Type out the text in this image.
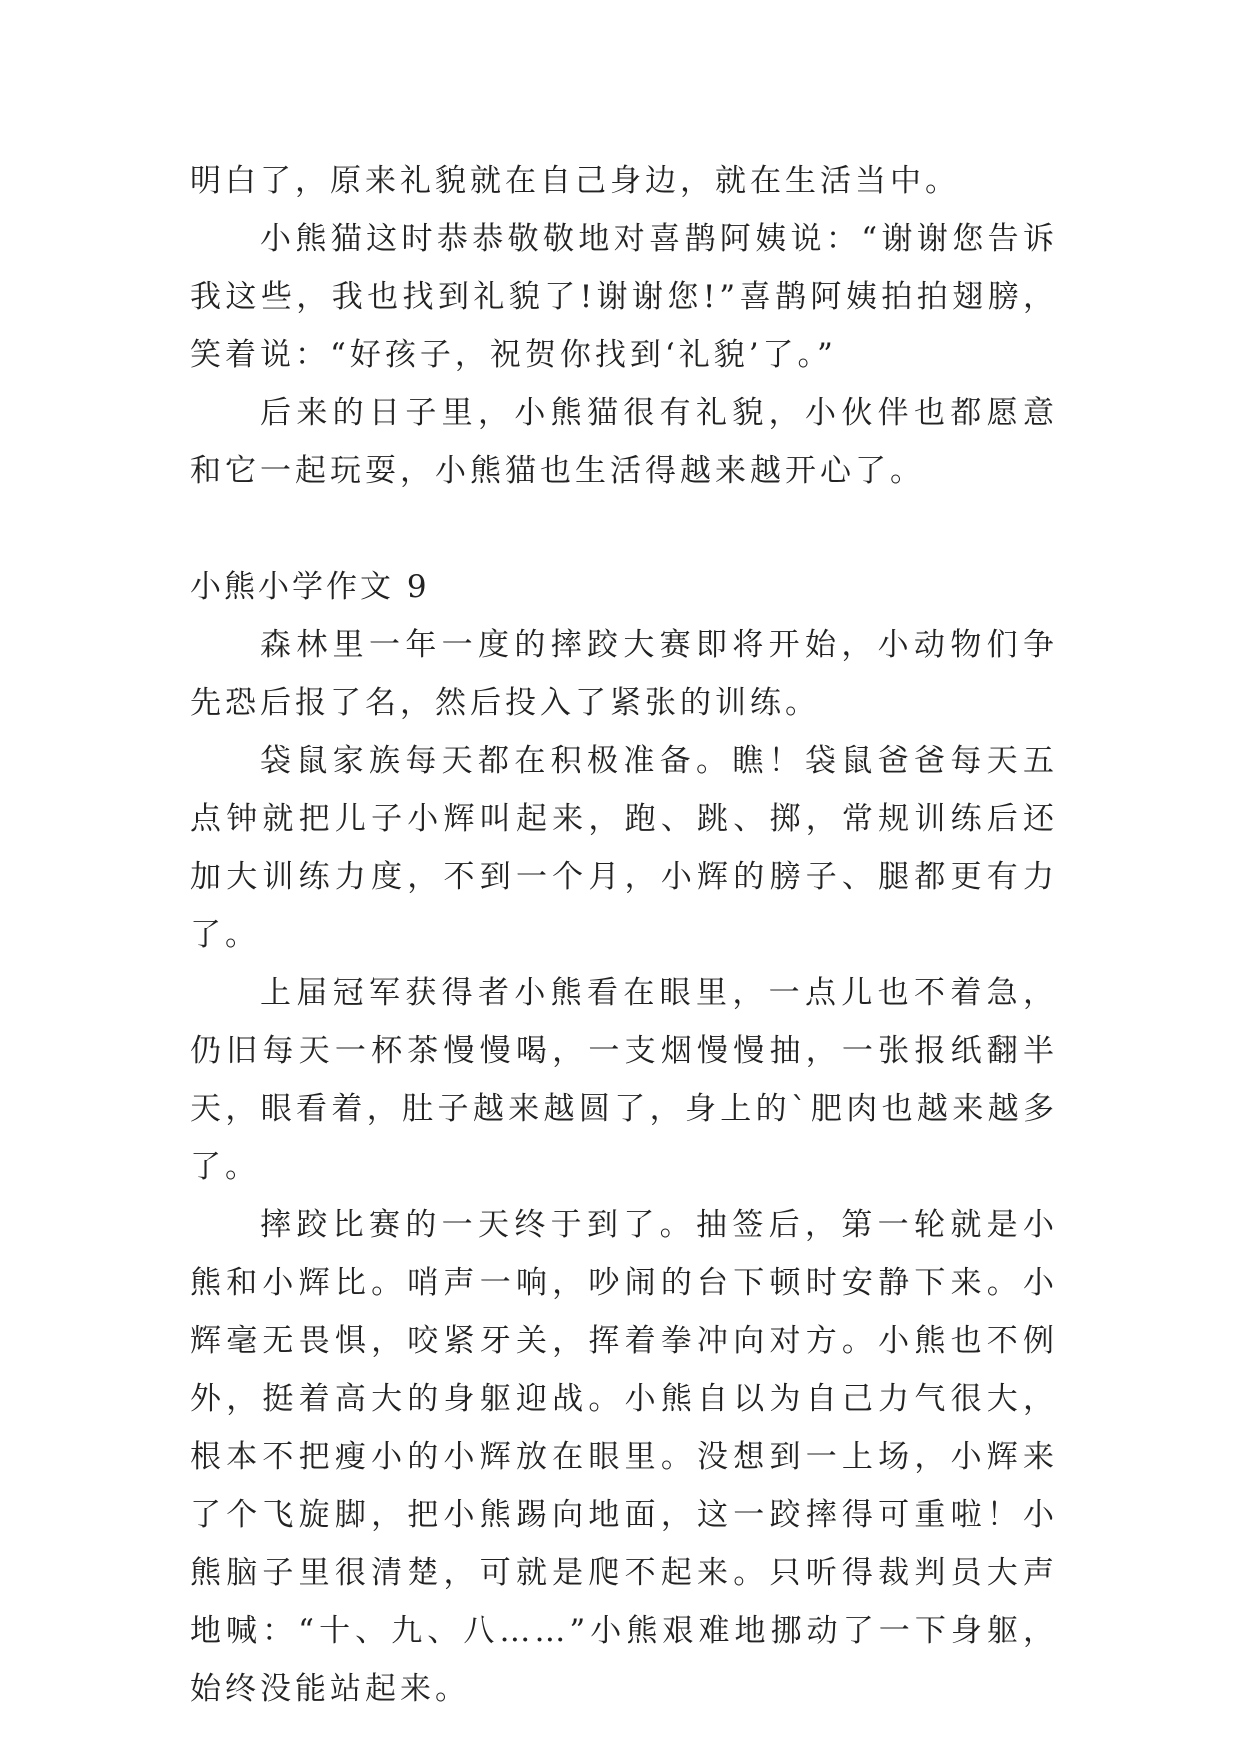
明白了，原来礼貌就在自己身边，就在生活当中。

小熊猫这时恭恭敬敬地对喜鹊阿姨说：“谢谢您告诉我这些，我也找到礼貌了!谢谢您!”喜鹊阿姨拍拍翅膀，笑着说：“好孩子，祝贺你找到‘礼貌’了。”

后来的日子里，小熊猫很有礼貌，小伙伴也都愿意和它一起玩耍，小熊猫也生活得越来越开心了。

小熊小学作文 9

森林里一年一度的摔跤大赛即将开始，小动物们争先恐后报了名，然后投入了紧张的训练。

袋鼠家族每天都在积极准备。瞧！袋鼠爸爸每天五点钟就把儿子小辉叫起来，跑、跳、掷，常规训练后还加大训练力度，不到一个月，小辉的膀子、腿都更有力了。

上届冠军获得者小熊看在眼里，一点儿也不着急，仍旧每天一杯茶慢慢喝，一支烟慢慢抽，一张报纸翻半天，眼看着，肚子越来越圆了，身上的`肥肉也越来越多了。

摔跤比赛的一天终于到了。抽签后，第一轮就是小熊和小辉比。哨声一响，吵闹的台下顿时安静下来。小辉毫无畏惧，咬紧牙关，挥着拳冲向对方。小熊也不例外，挺着高大的身躯迎战。小熊自以为自己力气很大，根本不把瘦小的小辉放在眼里。没想到一上场，小辉来了个飞旋脚，把小熊踢向地面，这一跤摔得可重啦！小熊脑子里很清楚，可就是爬不起来。只听得裁判员大声地喊：“十、九、八……”小熊艰难地挪动了一下身躯，始终没能站起来。
